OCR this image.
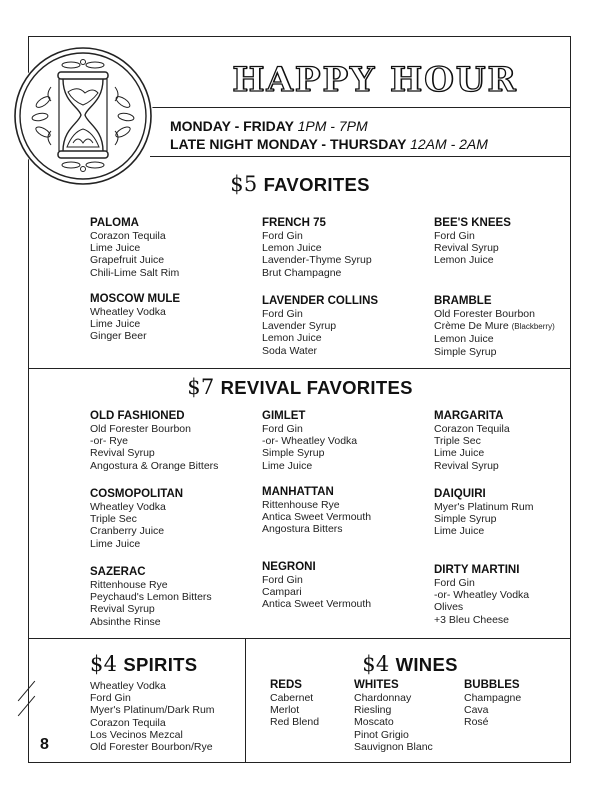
HAPPY HOUR
MONDAY - FRIDAY 1PM - 7PM
LATE NIGHT MONDAY - THURSDAY 12AM - 2AM
$5 FAVORITES
PALOMA
Corazon Tequila
Lime Juice
Grapefruit Juice
Chili-Lime Salt Rim
FRENCH 75
Ford Gin
Lemon Juice
Lavender-Thyme Syrup
Brut Champagne
BEE'S KNEES
Ford Gin
Revival Syrup
Lemon Juice
MOSCOW MULE
Wheatley Vodka
Lime Juice
Ginger Beer
LAVENDER COLLINS
Ford Gin
Lavender Syrup
Lemon Juice
Soda Water
BRAMBLE
Old Forester Bourbon
Crème De Mure (Blackberry)
Lemon Juice
Simple Syrup
$7 REVIVAL FAVORITES
OLD FASHIONED
Old Forester Bourbon
-or- Rye
Revival Syrup
Angostura & Orange Bitters
GIMLET
Ford Gin
-or- Wheatley Vodka
Simple Syrup
Lime Juice
MARGARITA
Corazon Tequila
Triple Sec
Lime Juice
Revival Syrup
COSMOPOLITAN
Wheatley Vodka
Triple Sec
Cranberry Juice
Lime Juice
MANHATTAN
Rittenhouse Rye
Antica Sweet Vermouth
Angostura Bitters
DAIQUIRI
Myer's Platinum Rum
Simple Syrup
Lime Juice
SAZERAC
Rittenhouse Rye
Peychaud's Lemon Bitters
Revival Syrup
Absinthe Rinse
NEGRONI
Ford Gin
Campari
Antica Sweet Vermouth
DIRTY MARTINI
Ford Gin
-or- Wheatley Vodka
Olives
+3 Bleu Cheese
$4 SPIRITS
Wheatley Vodka
Ford Gin
Myer's Platinum/Dark Rum
Corazon Tequila
Los Vecinos Mezcal
Old Forester Bourbon/Rye
$4 WINES
REDS
Cabernet
Merlot
Red Blend
WHITES
Chardonnay
Riesling
Moscato
Pinot Grigio
Sauvignon Blanc
BUBBLES
Champagne
Cava
Rosé
8
